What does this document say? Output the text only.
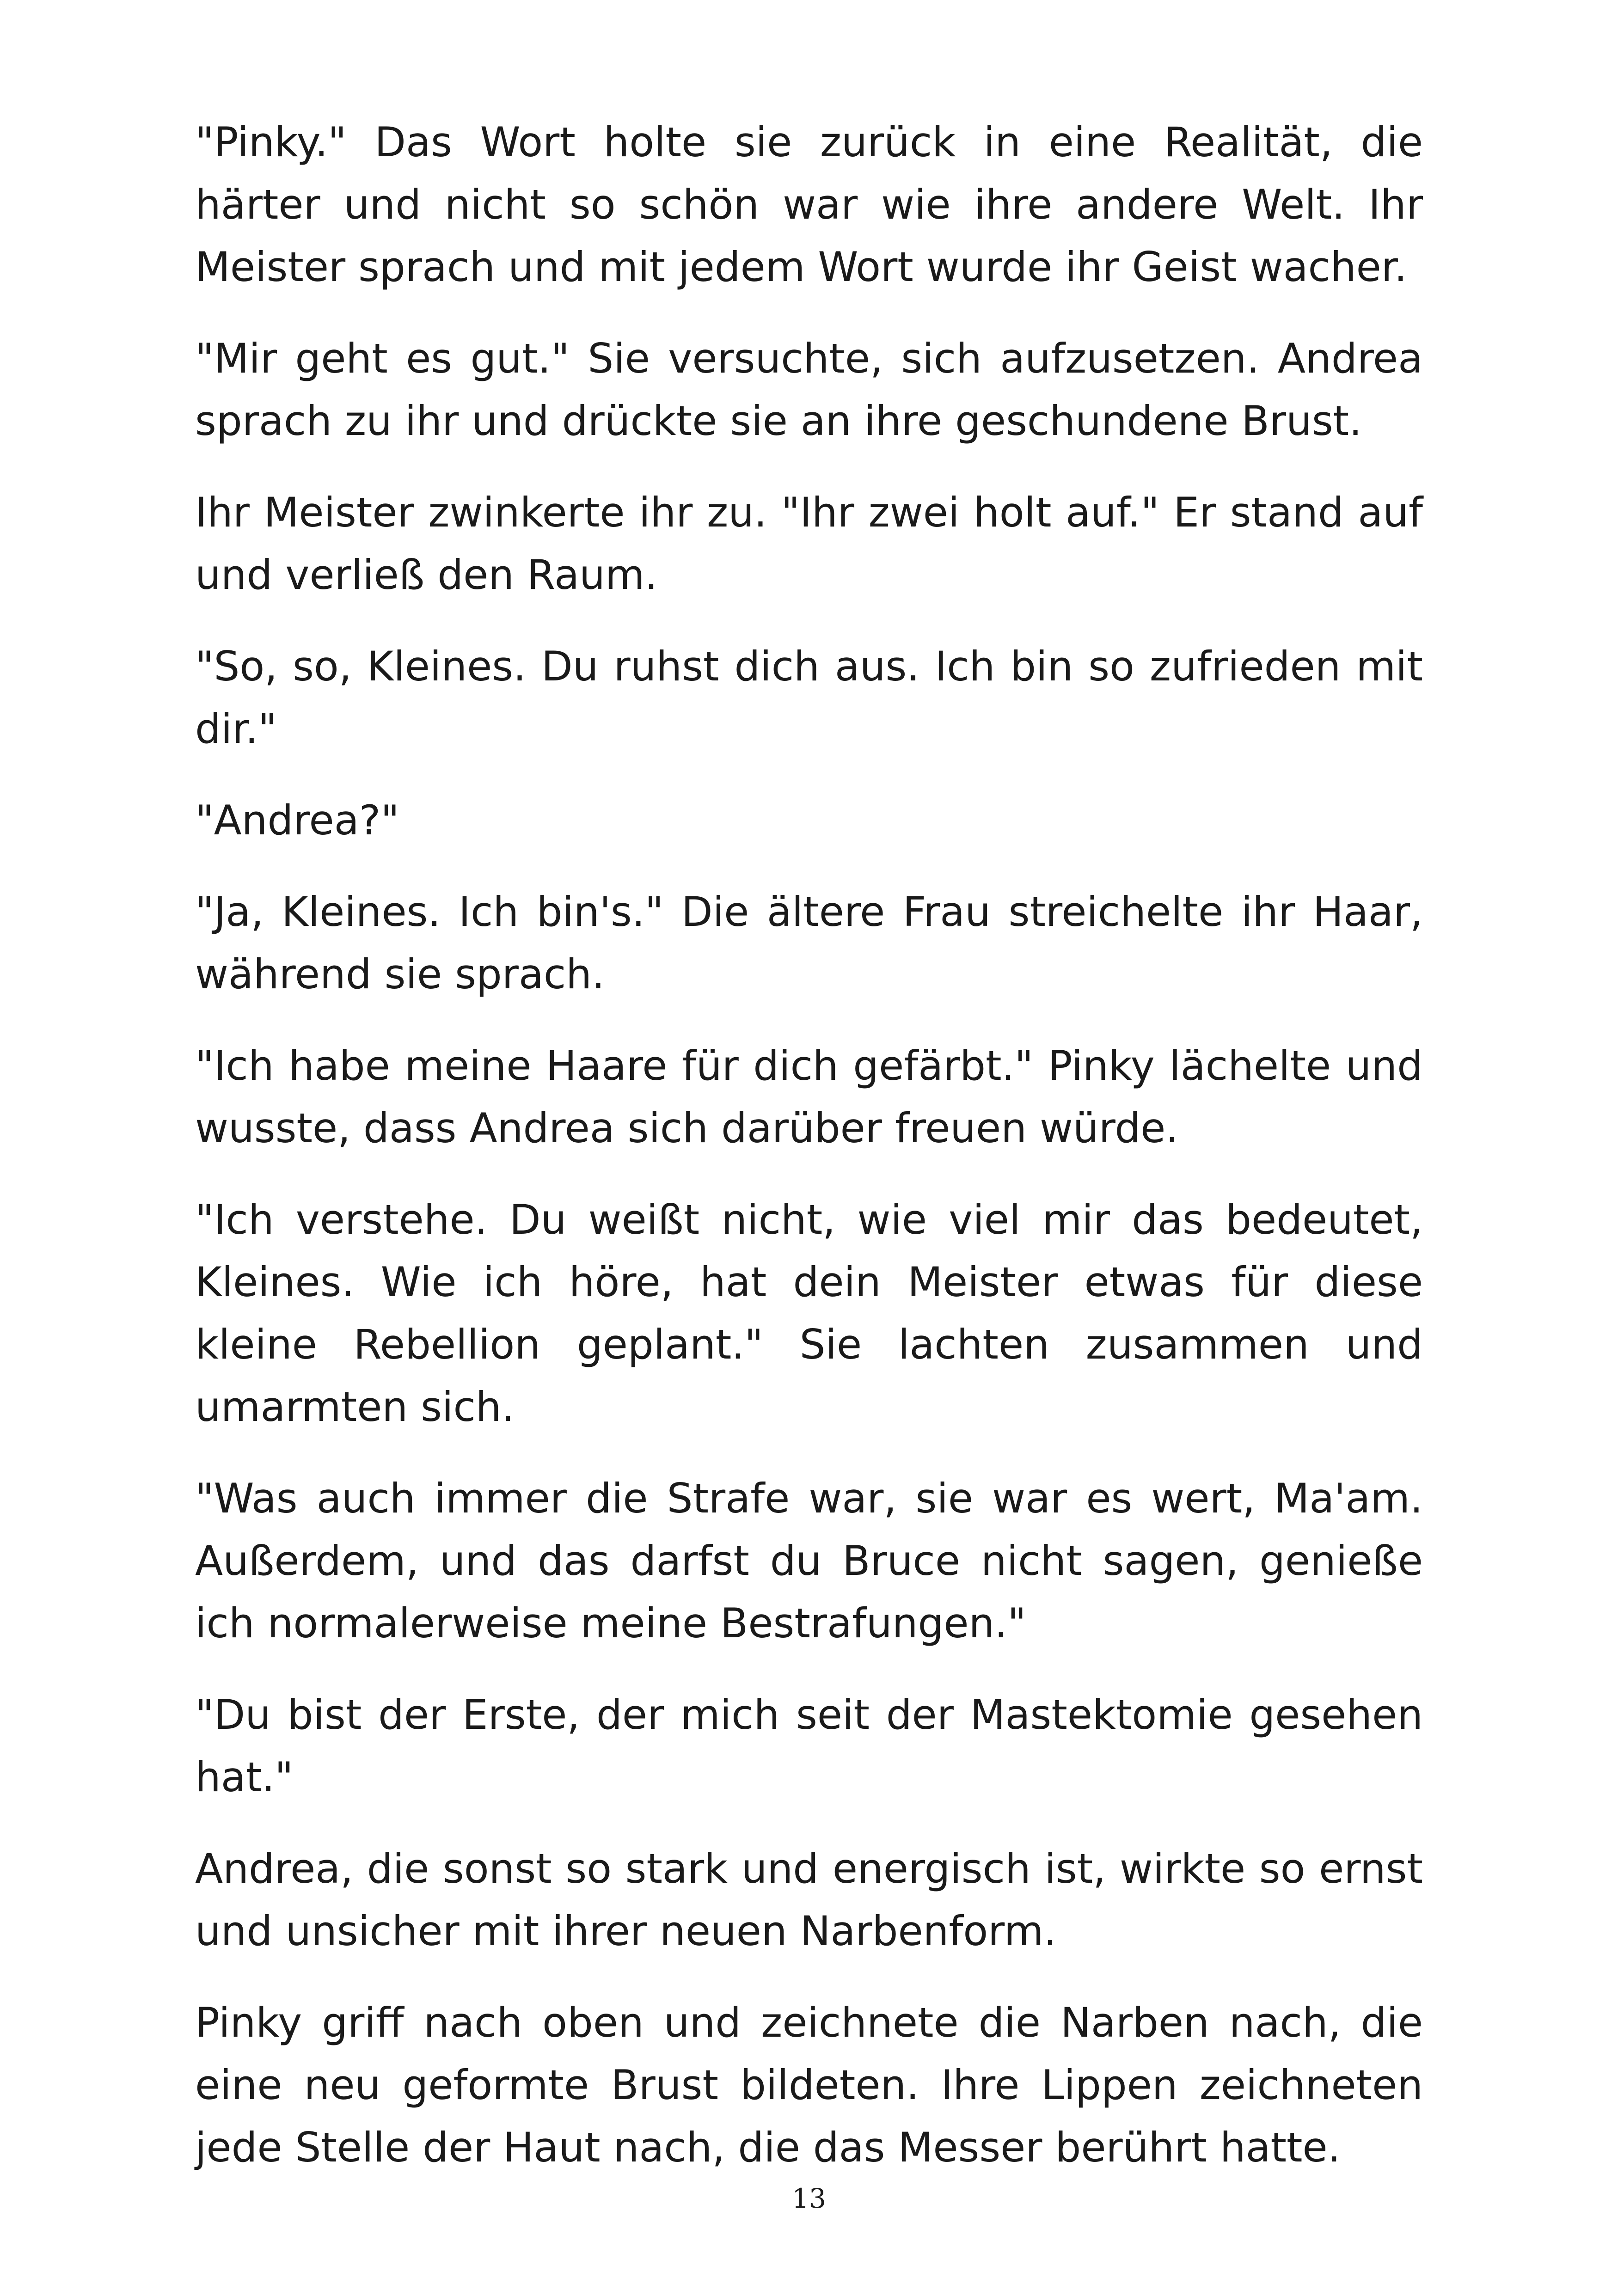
"Pinky." Das Wort holte sie zurück in eine Realität, die härter und nicht so schön war wie ihre andere Welt. Ihr Meister sprach und mit jedem Wort wurde ihr Geist wacher.

"Mir geht es gut." Sie versuchte, sich aufzusetzen. Andrea sprach zu ihr und drückte sie an ihre geschundene Brust.

Ihr Meister zwinkerte ihr zu. "Ihr zwei holt auf." Er stand auf und verließ den Raum.

"So, so, Kleines. Du ruhst dich aus. Ich bin so zufrieden mit dir."

"Andrea?"

"Ja, Kleines. Ich bin's." Die ältere Frau streichelte ihr Haar, während sie sprach.

"Ich habe meine Haare für dich gefärbt." Pinky lächelte und wusste, dass Andrea sich darüber freuen würde.

"Ich verstehe. Du weißt nicht, wie viel mir das bedeutet, Kleines. Wie ich höre, hat dein Meister etwas für diese kleine Rebellion geplant." Sie lachten zusammen und umarmten sich.

"Was auch immer die Strafe war, sie war es wert, Ma'am. Außerdem, und das darfst du Bruce nicht sagen, genieße ich normalerweise meine Bestrafungen."

"Du bist der Erste, der mich seit der Mastektomie gesehen hat."

Andrea, die sonst so stark und energisch ist, wirkte so ernst und unsicher mit ihrer neuen Narbenform.

Pinky griff nach oben und zeichnete die Narben nach, die eine neu geformte Brust bildeten. Ihre Lippen zeichneten jede Stelle der Haut nach, die das Messer berührt hatte.

13
